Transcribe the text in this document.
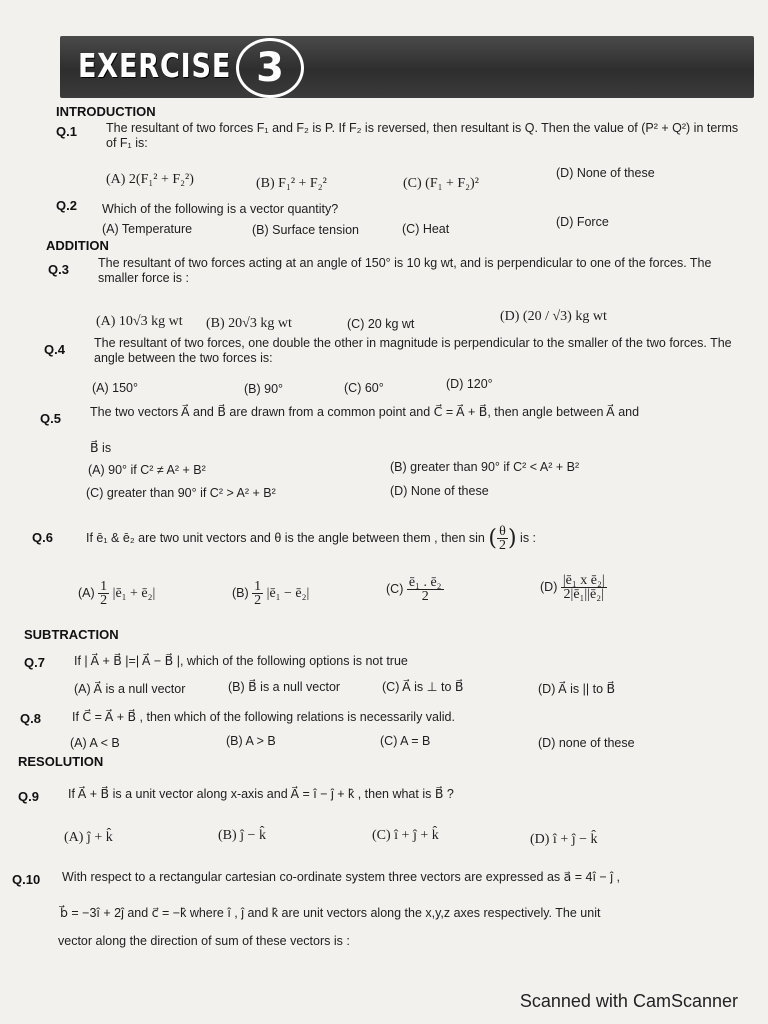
EXERCISE 3
INTRODUCTION
Q.1 The resultant of two forces F₁ and F₂ is P. If F₂ is reversed, then resultant is Q. Then the value of (P² + Q²) in terms of F₁ is:
(A) 2(F₁² + F₂²)	(B) F₁² + F₂²	(C) (F₁ + F₂)²
(D) None of these
Q.2 Which of the following is a vector quantity?
(A) Temperature	(B) Surface tension	(C) Heat	(D) Force
ADDITION
Q.3 The resultant of two forces acting at an angle of 150° is 10 kg wt, and is perpendicular to one of the forces. The smaller force is :
(A) 10√3 kg wt (B) 20√3 kg wt	(C) 20 kg wt	(D) (20 / √3) kg wt
Q.4 The resultant of two forces, one double the other in magnitude is perpendicular to the smaller of the two forces. The angle between the two forces is:
(A) 150°	(B) 90°	(C) 60°	(D) 120°
Q.5 The two vectors A⃗ and B⃗ are drawn from a common point and C⃗ = A⃗ + B⃗, then angle between A⃗ and
B⃗ is
(A) 90° if C² ≠ A² + B²	(B) greater than 90° if C² < A² + B²
(C) greater than 90° if C² > A² + B²	(D) None of these
Q.6	If ē₁ & ē₂ are two unit vectors and θ is the angle between them , then sin ( $\frac{\theta}{2}$ ) is :
$(A) \frac{1}{2}$ |ē₁ + ē₂|	$(B) \frac{1}{2}$ |ē₁ − ē₂|	$(C) \frac{\text{ē₁ . ē₂}}{2}$	$(D) \frac{\text{|ē₁ x ē₂|}}{\text{2|ē₁||ē₂|}}$
SUBTRACTION
Q.7 If | A⃗ + B⃗ |=| A⃗ − B⃗ |, which of the following options is not true
(A) A⃗ is a null vector	(B) B⃗ is a null vector	(C) A⃗ is ⊥ to B⃗	(D) A⃗ is || to B⃗
Q.8 If C⃗ = A⃗ + B⃗ , then which of the following relations is necessarily valid.
(A) A < B	(B) A > B	(C) A = B	(D) none of these
RESOLUTION
Q.9 If A⃗ + B⃗ is a unit vector along x-axis and A⃗ = î − ĵ + k̂ , then what is B⃗ ?
(A) ĵ + k̂	(B) ĵ − k̂	(C) î + ĵ + k̂	(D) î + ĵ − k̂
Q.10 With respect to a rectangular cartesian co-ordinate system three vectors are expressed as a⃗ = 4î − ĵ ,
b⃗ = −3î + 2ĵ and c⃗ = −k̂ where î , ĵ and k̂ are unit vectors along the x,y,z axes respectively. The unit
vector along the direction of sum of these vectors is :
Scanned with CamScanner
